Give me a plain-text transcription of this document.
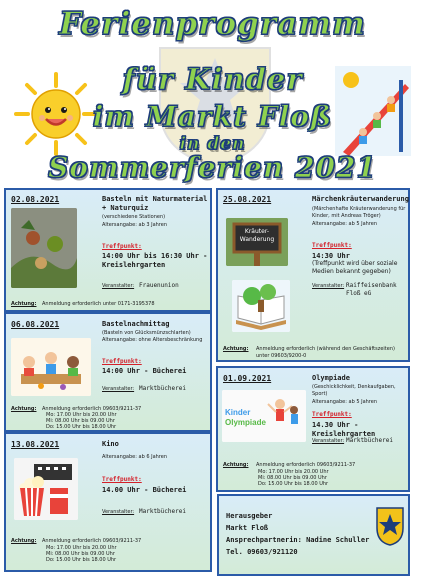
Ferienprogramm
für Kinder
im Markt Floß
in den
Sommerferien 2021
02.08.2021	Basteln mit Naturmaterial + Naturquiz
(verschiedene Stationen)
Altersangabe: ab 3 Jahren
Treffpunkt:
14:00 Uhr bis 16:30 Uhr - Kreislehrgarten
Veranstalter: Frauenunion
Achtung: Anmeldung erforderlich unter 0171-3195378
06.08.2021	Bastelnachmittag
(Basteln von Glücksmünzschlarten)
Altersangabe: ohne Altersbeschränkung
Treffpunkt:
14:00 Uhr - Bücherei
Veranstalter: Marktbücherei
Achtung: Anmeldung erforderlich 09603/9211-37
Mo: 17.00 Uhr bis 20.00 Uhr
Mi: 08.00 Uhr bis 09.00 Uhr
Do: 15.00 Uhr bis 18.00 Uhr
13.08.2021	Kino
Altersangabe: ab 6 Jahren
Treffpunkt:
14.00 Uhr - Bücherei
Veranstalter: Marktbücherei
Achtung: Anmeldung erforderlich 09603/9211-37
Mo: 17.00 Uhr bis 20.00 Uhr
Mi: 08.00 Uhr bis 09.00 Uhr
Do: 15.00 Uhr bis 18.00 Uhr
25.08.2021	Märchenkräuterwanderung
(Märchenhafte Kräuterwanderung für Kinder, mit Andreas Tröger)
Altersangabe: ab 5 Jahren
Treffpunkt:
14:30 Uhr
(Treffpunkt wird über soziale Medien bekannt gegeben)
Veranstalter: Raiffeisenbank Floß eG
Kräuter-
Wanderung
Achtung: Anmeldung erforderlich (während den Geschäftszeiten)
unter 09603/9200-0
01.09.2021	Olympiade
(Geschicklichkeit, Denkaufgaben, Sport)
Altersangabe: ab 5 Jahren
Treffpunkt:
14.30 Uhr - Kreislehrgarten
Veranstalter: Marktbücherei
Kinder
Olympiade
Achtung: Anmeldung erforderlich 09603/9211-37
Mo: 17.00 Uhr bis 20.00 Uhr
Mi: 08.00 Uhr bis 09.00 Uhr
Do: 15.00 Uhr bis 18.00 Uhr
Herausgeber
Markt Floß
Ansprechpartnerin: Nadine Schuller
Tel. 09603/921120
